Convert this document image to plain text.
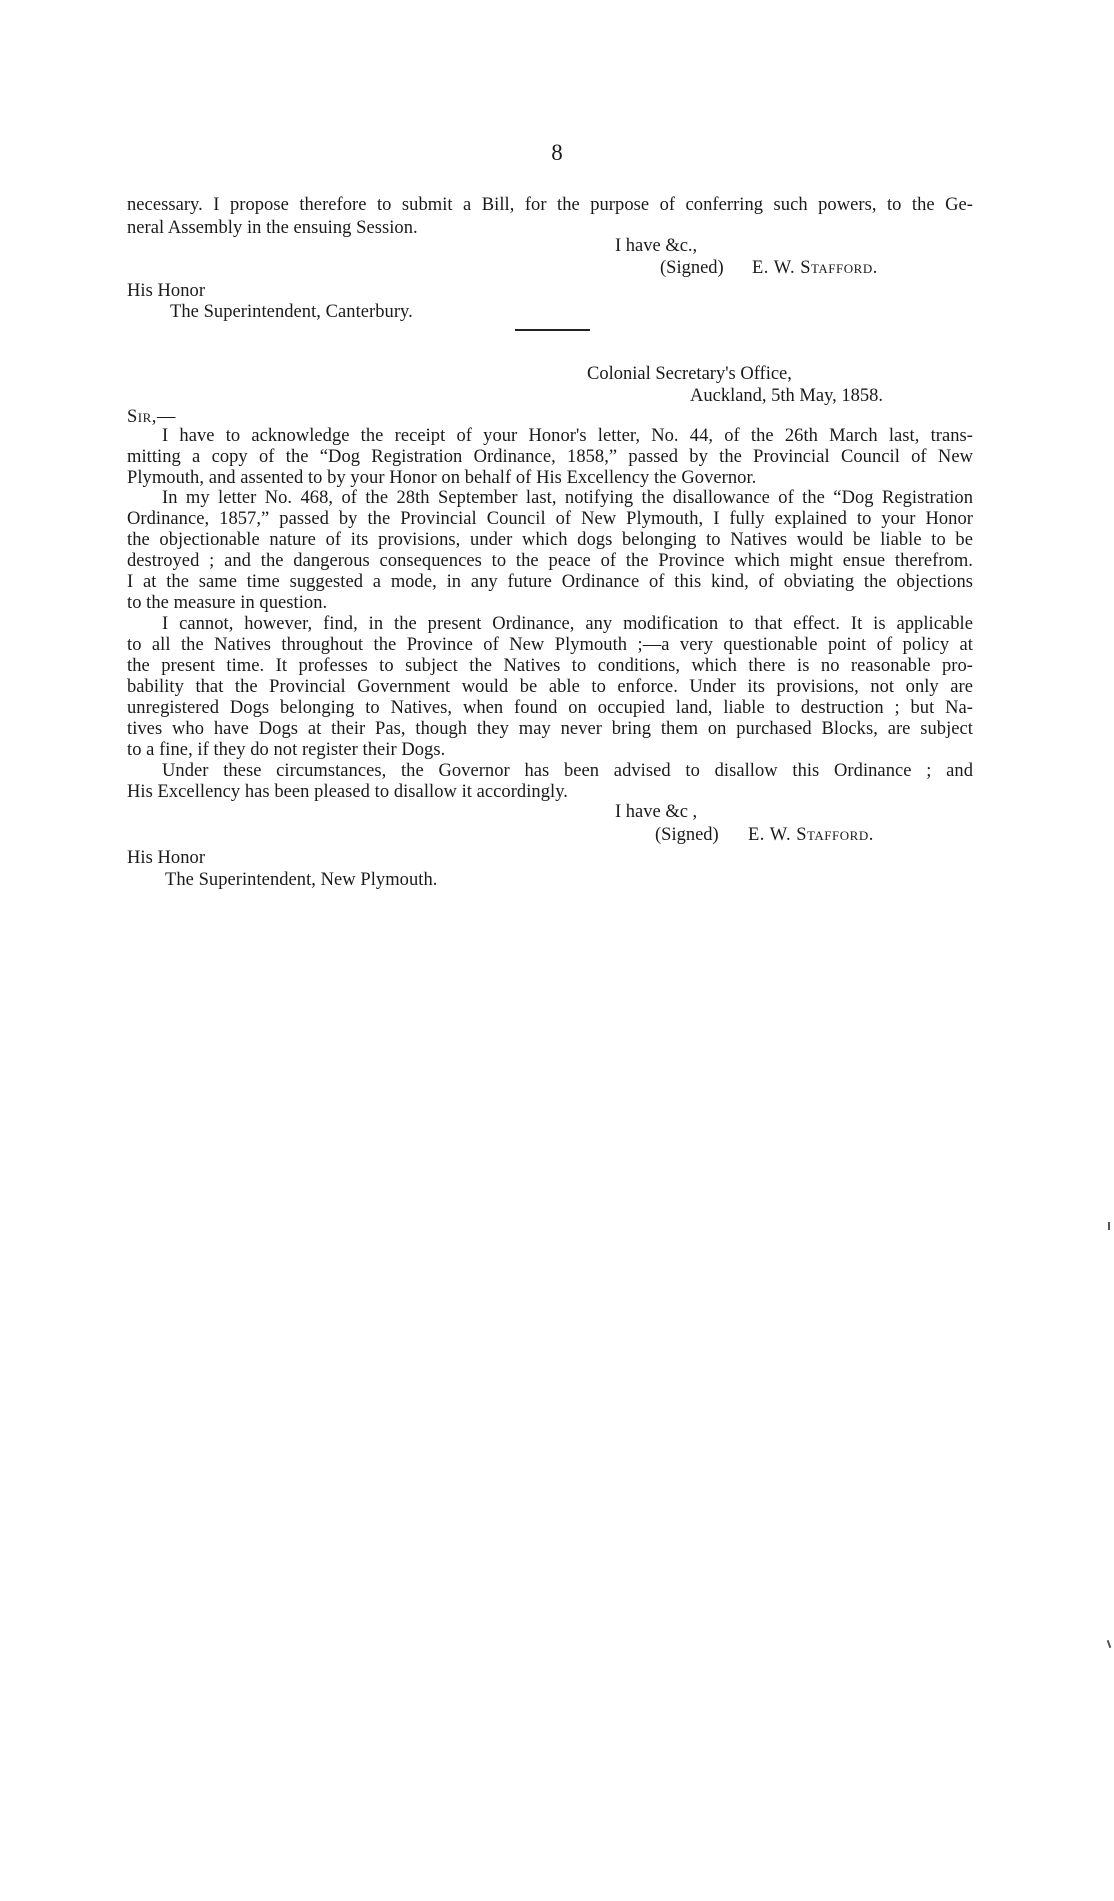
8
necessary. I propose therefore to submit a Bill, for the purpose of conferring such powers, to the Ge-
neral Assembly in the ensuing Session.
I have &c.,
(Signed) E. W. Stafford.
His Honor
The Superintendent, Canterbury.
Colonial Secretary's Office,
Auckland, 5th May, 1858.
Sir,—
I have to acknowledge the receipt of your Honor's letter, No. 44, of the 26th March last, trans-
mitting a copy of the “Dog Registration Ordinance, 1858,” passed by the Provincial Council of New
Plymouth, and assented to by your Honor on behalf of His Excellency the Governor.
In my letter No. 468, of the 28th September last, notifying the disallowance of the “Dog Registration
Ordinance, 1857,” passed by the Provincial Council of New Plymouth, I fully explained to your Honor
the objectionable nature of its provisions, under which dogs belonging to Natives would be liable to be
destroyed ; and the dangerous consequences to the peace of the Province which might ensue therefrom.
I at the same time suggested a mode, in any future Ordinance of this kind, of obviating the objections
to the measure in question.
I cannot, however, find, in the present Ordinance, any modification to that effect. It is applicable
to all the Natives throughout the Province of New Plymouth ;—a very questionable point of policy at
the present time. It professes to subject the Natives to conditions, which there is no reasonable pro-
bability that the Provincial Government would be able to enforce. Under its provisions, not only are
unregistered Dogs belonging to Natives, when found on occupied land, liable to destruction ; but Na-
tives who have Dogs at their Pas, though they may never bring them on purchased Blocks, are subject
to a fine, if they do not register their Dogs.
Under these circumstances, the Governor has been advised to disallow this Ordinance ; and
His Excellency has been pleased to disallow it accordingly.
I have &c ,
(Signed) E. W. Stafford.
His Honor
The Superintendent, New Plymouth.
